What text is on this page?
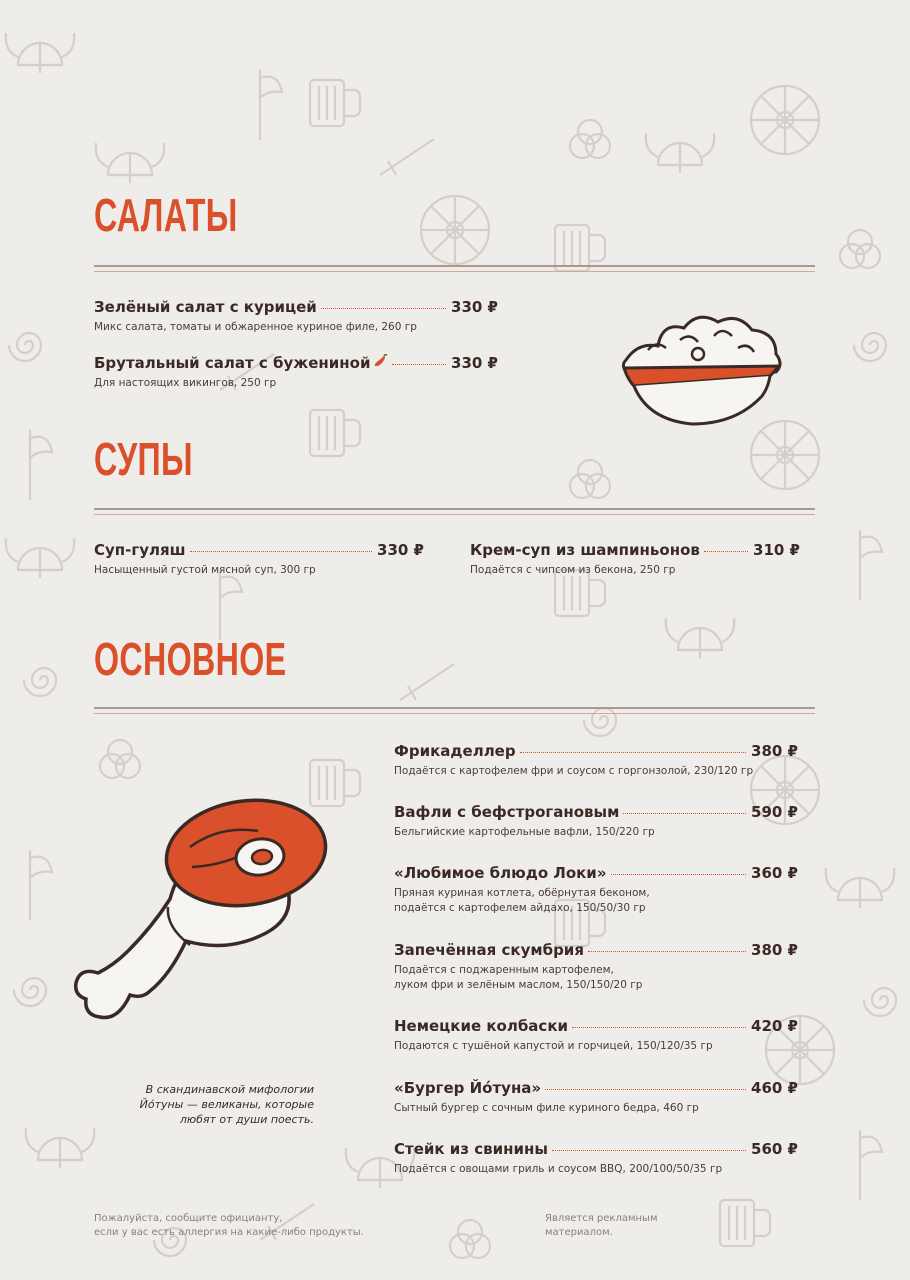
САЛАТЫ
Зелёный салат с курицей	330 ₽
Микс салата, томаты и обжаренное куриное филе, 260 гр
Брутальный салат с бужениной	330 ₽
Для настоящих викингов, 250 гр
СУПЫ
Суп-гуляш	330 ₽
Насыщенный густой мясной суп, 300 гр
Крем-суп из шампиньонов	310 ₽
Подаётся с чипсом из бекона, 250 гр
ОСНОВНОЕ
Фрикаделлер	380 ₽
Подаётся с картофелем фри и соусом с горгонзолой, 230/120 гр
Вафли с бефстрогановым	590 ₽
Бельгийские картофельные вафли, 150/220 гр
«Любимое блюдо Локи»	360 ₽
Пряная куриная котлета, обёрнутая беконом,
подаётся с картофелем айдахо, 150/50/30 гр
Запечённая скумбрия	380 ₽
Подаётся с поджаренным картофелем,
луком фри и зелёным маслом, 150/150/20 гр
Немецкие колбаски	420 ₽
Подаются с тушёной капустой и горчицей, 150/120/35 гр
«Бургер Йо́туна»	460 ₽
Сытный бургер с сочным филе куриного бедра, 460 гр
Стейк из свинины	560 ₽
Подаётся с овощами гриль и соусом BBQ, 200/100/50/35 гр
В скандинавской мифологии
Йо́туны — великаны, которые
любят от души поесть.
Пожалуйста, сообщите официанту,
если у вас есть аллергия на какие-либо продукты.
Является рекламным
материалом.
